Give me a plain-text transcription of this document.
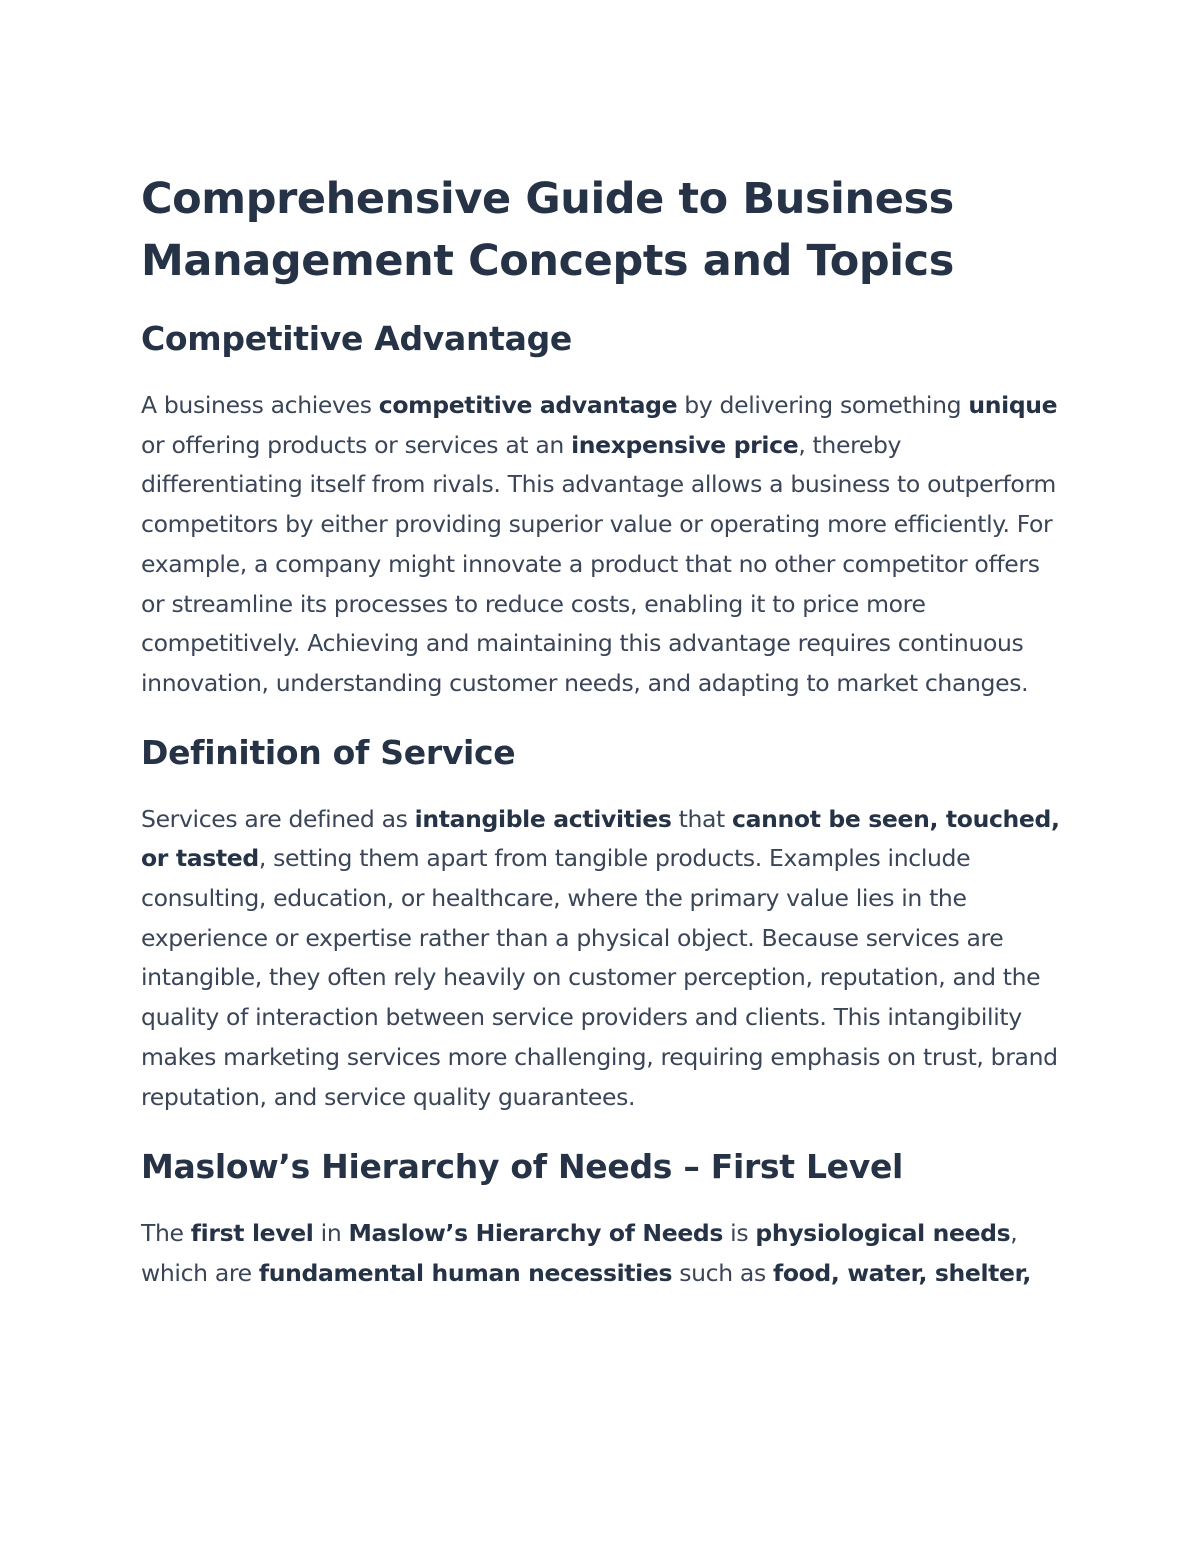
Comprehensive Guide to Business Management Concepts and Topics
Competitive Advantage

A business achieves competitive advantage by delivering something unique or offering products or services at an inexpensive price, thereby differentiating itself from rivals. This advantage allows a business to outperform competitors by either providing superior value or operating more efficiently. For example, a company might innovate a product that no other competitor offers or streamline its processes to reduce costs, enabling it to price more competitively. Achieving and maintaining this advantage requires continuous innovation, understanding customer needs, and adapting to market changes.

Definition of Service

Services are defined as intangible activities that cannot be seen, touched, or tasted, setting them apart from tangible products. Examples include consulting, education, or healthcare, where the primary value lies in the experience or expertise rather than a physical object. Because services are intangible, they often rely heavily on customer perception, reputation, and the quality of interaction between service providers and clients. This intangibility makes marketing services more challenging, requiring emphasis on trust, brand reputation, and service quality guarantees.

Maslow’s Hierarchy of Needs – First Level

The first level in Maslow’s Hierarchy of Needs is physiological needs, which are fundamental human necessities such as food, water, shelter,
